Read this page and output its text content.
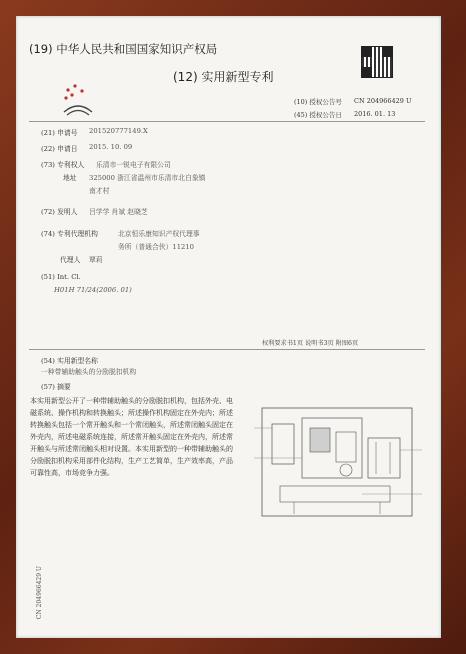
(19) 中华人民共和国国家知识产权局
(12) 实用新型专利
(10) 授权公告号 CN 204966429 U
(45) 授权公告日 2016. 01. 13
(21) 申请号 201520777149.X
(22) 申请日 2015. 10. 09
(73) 专利权人 乐清市一锐电子有限公司
地址 325000 浙江省温州市乐清市北白象镇
南才村
(72) 发明人 吕学学 肖斌 赵晓芝
(74) 专利代理机构	北京恒乐康知识产权代理事
务所（普通合伙）11210
代理人 覃莉
(51) Int. Cl.
H01H 71/24(2006. 01)
权利要求书1页 说明书3页 附图6页
(54) 实用新型名称
一种带辅助触头的分励脱扣机构
(57) 摘要
本实用新型公开了一种带辅助触头的分励脱扣机构，包括外壳、电磁系统、操作机构和转换触头；所述操作机构固定在外壳内；所述转换触头包括一个常开触头和一个常闭触头，所述常闭触头固定在外壳内，所述电磁系统连接，所述常开触头固定在外壳内，所述常开触头与所述常闭触头相对设置。本实用新型的一种带辅助触头的分励脱扣机构采用部件化结构，生产工艺简单，生产效率高，产品可靠性高，市场竞争力强。
CN 204966429 U
